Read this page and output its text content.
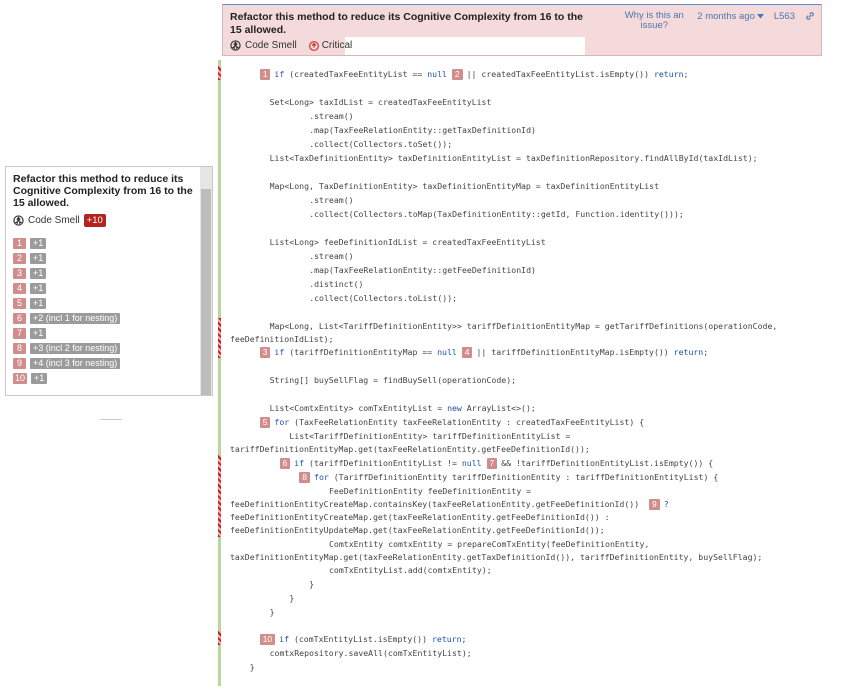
Refactor this method to reduce its Cognitive Complexity from 16 to the 15 allowed.
Code Smell	Critical
Why is this an issue?
2 months ago L563
Refactor this method to reduce its Cognitive Complexity from 16 to the 15 allowed.
Code Smell +10
1	+1
2	+1
3	+1
4	+1
5	+1
6	+2 (incl 1 for nesting)
7	+1
8	+3 (incl 2 for nesting)
9	+4 (incl 3 for nesting)
10	+1
1 if (createdTaxFeeEntityList == null
2 || createdTaxFeeEntityList.isEmpty()) return ;
Set<Long> taxIdList = createdTaxFeeEntityList
.stream()
.map(TaxFeeRelationEntity::getTaxDefinitionId)
.collect(Collectors.toSet());
List<TaxDefinitionEntity> taxDefinitionEntityList = taxDefinitionRepository.findAllById(taxIdList);
Map<Long, TaxDefinitionEntity> taxDefinitionEntityMap = taxDefinitionEntityList
.stream()
.collect(Collectors.toMap(TaxDefinitionEntity::getId, Function.identity()));
List<Long> feeDefinitionIdList = createdTaxFeeEntityList
.stream()
.map(TaxFeeRelationEntity::getFeeDefinitionId)
.distinct()
.collect(Collectors.toList());
Map<Long, List<TariffDefinitionEntity>> tariffDefinitionEntityMap = getTariffDefinitions(operationCode,
feeDefinitionIdList);
3 if (tariffDefinitionEntityMap == null
4 || tariffDefinitionEntityMap.isEmpty()) return ;
String[] buySellFlag = findBuySell(operationCode);
List<ComtxEntity> comTxEntityList = new ArrayList<>();
5 for (TaxFeeRelationEntity taxFeeRelationEntity : createdTaxFeeEntityList) {
List<TariffDefinitionEntity> tariffDefinitionEntityList =
tariffDefinitionEntityMap.get(taxFeeRelationEntity.getFeeDefinitionId());
6 if (tariffDefinitionEntityList != null
7 && !tariffDefinitionEntityList.isEmpty()) {
8 for (TariffDefinitionEntity tariffDefinitionEntity : tariffDefinitionEntityList) {
FeeDefinitionEntity feeDefinitionEntity =
feeDefinitionEntityCreateMap.containsKey(taxFeeRelationEntity.getFeeDefinitionId()) 9 ?
feeDefinitionEntityCreateMap.get(taxFeeRelationEntity.getFeeDefinitionId()) :
feeDefinitionEntityUpdateMap.get(taxFeeRelationEntity.getFeeDefinitionId());
ComtxEntity comtxEntity = prepareComTxEntity(feeDefinitionEntity,
taxDefinitionEntityMap.get(taxFeeRelationEntity.getTaxDefinitionId()), tariffDefinitionEntity, buySellFlag);
comTxEntityList.add(comtxEntity);
}
}
}
10 if (comTxEntityList.isEmpty()) return ;
comtxRepository.saveAll(comTxEntityList);
}
